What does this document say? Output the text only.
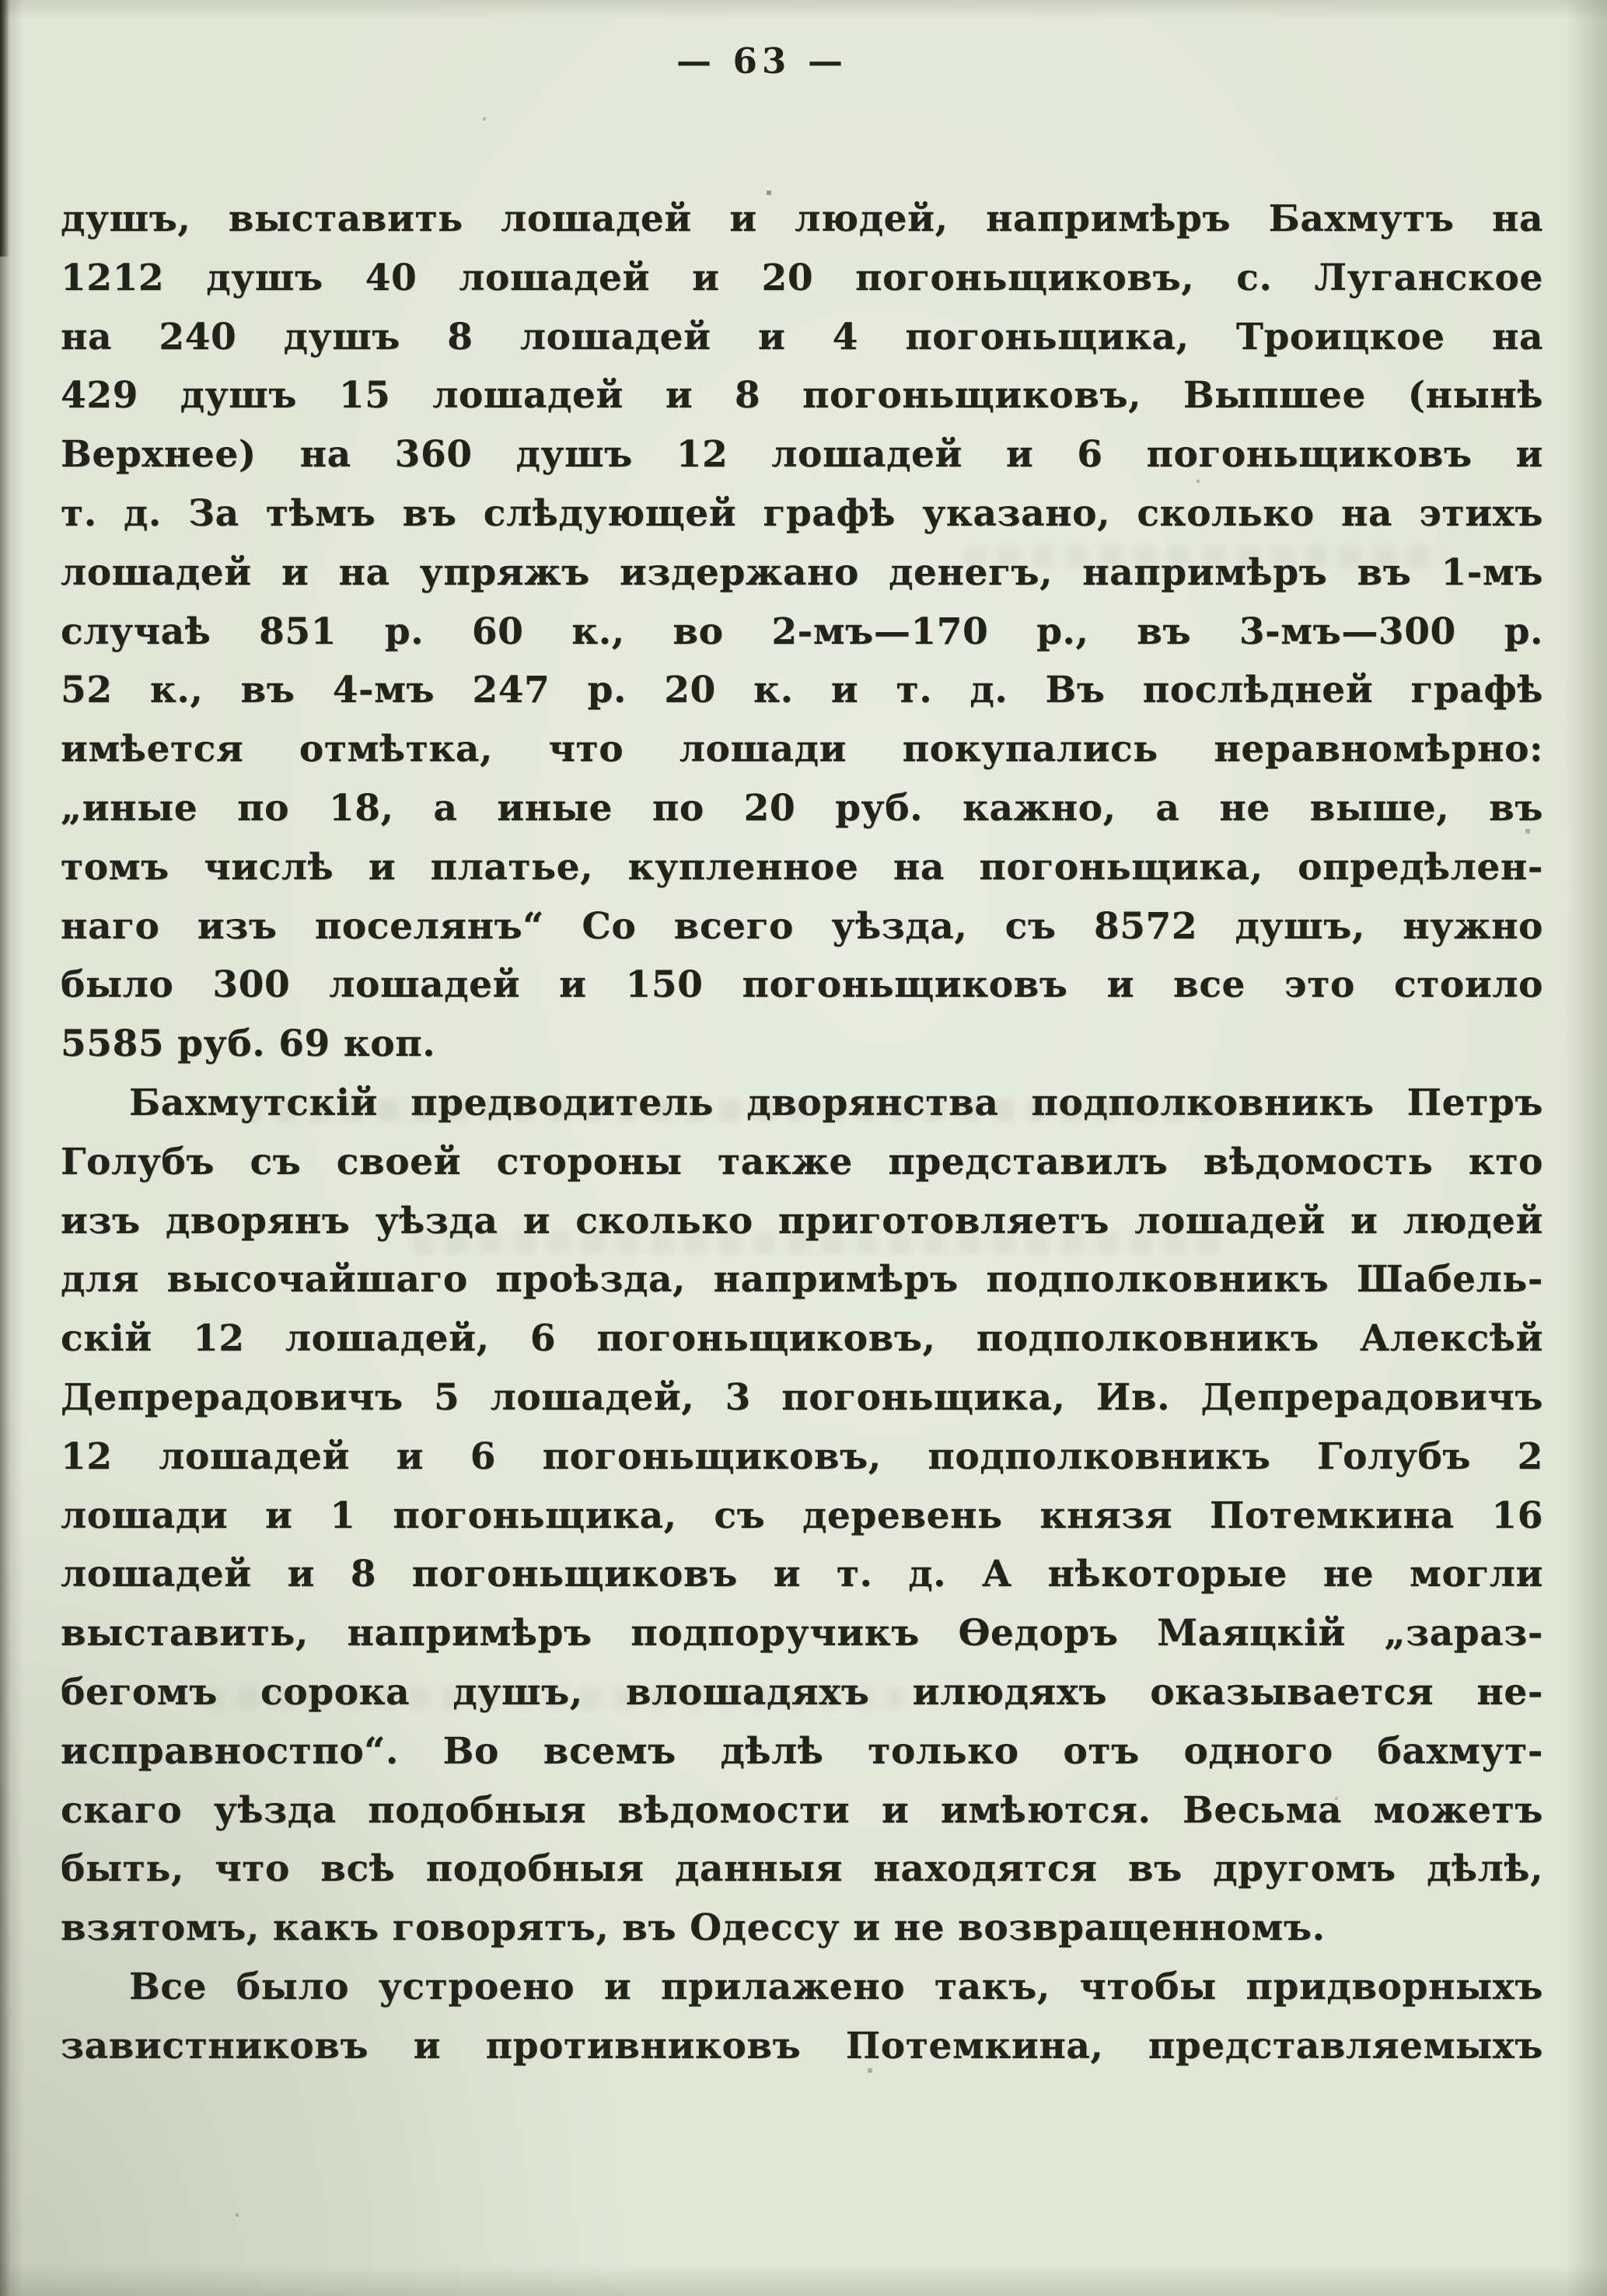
— 63 —
душъ, выставить лошадей и людей, напримѣръ Бахмутъ на
1212 душъ 40 лошадей и 20 погоньщиковъ, с. Луганское
на 240 душъ 8 лошадей и 4 погоньщика, Троицкое на
429 душъ 15 лошадей и 8 погоньщиковъ, Выпшее (нынѣ
Верхнее) на 360 душъ 12 лошадей и 6 погоньщиковъ и
т. д. За тѣмъ въ слѣдующей графѣ указано, сколько на этихъ
лошадей и на упряжъ издержано денегъ, напримѣръ въ 1-мъ
случаѣ 851 р. 60 к., во 2-мъ—170 р., въ 3-мъ—300 р.
52 к., въ 4-мъ 247 р. 20 к. и т. д. Въ послѣдней графѣ
имѣется отмѣтка, что лошади покупались неравномѣрно:
„иные по 18, а иные по 20 руб. кажно, а не выше, въ
томъ числѣ и платье, купленное на погоньщика, опредѣлен-
наго изъ поселянъ“ Со всего уѣзда, съ 8572 душъ, нужно
было 300 лошадей и 150 погоньщиковъ и все это стоило
5585 руб. 69 коп.
Бахмутскій предводитель дворянства подполковникъ Петръ
Голубъ съ своей стороны также представилъ вѣдомость кто
изъ дворянъ уѣзда и сколько приготовляетъ лошадей и людей
для высочайшаго проѣзда, напримѣръ подполковникъ Шабель-
скій 12 лошадей, 6 погоньщиковъ, подполковникъ Алексѣй
Депрерадовичъ 5 лошадей, 3 погоньщика, Ив. Депрерадовичъ
12 лошадей и 6 погоньщиковъ, подполковникъ Голубъ 2
лошади и 1 погоньщика, съ деревень князя Потемкина 16
лошадей и 8 погоньщиковъ и т. д. А нѣкоторые не могли
выставить, напримѣръ подпоручикъ Ѳедоръ Маяцкій „зараз-
бегомъ сорока душъ, влошадяхъ илюдяхъ оказывается не-
исправностпо“. Во всемъ дѣлѣ только отъ одного бахмут-
скаго уѣзда подобныя вѣдомости и имѣются. Весьма можетъ
быть, что всѣ подобныя данныя находятся въ другомъ дѣлѣ,
взятомъ, какъ говорятъ, въ Одессу и не возвращенномъ.
Все было устроено и прилажено такъ, чтобы придворныхъ
завистниковъ и противниковъ Потемкина, представляемыхъ
